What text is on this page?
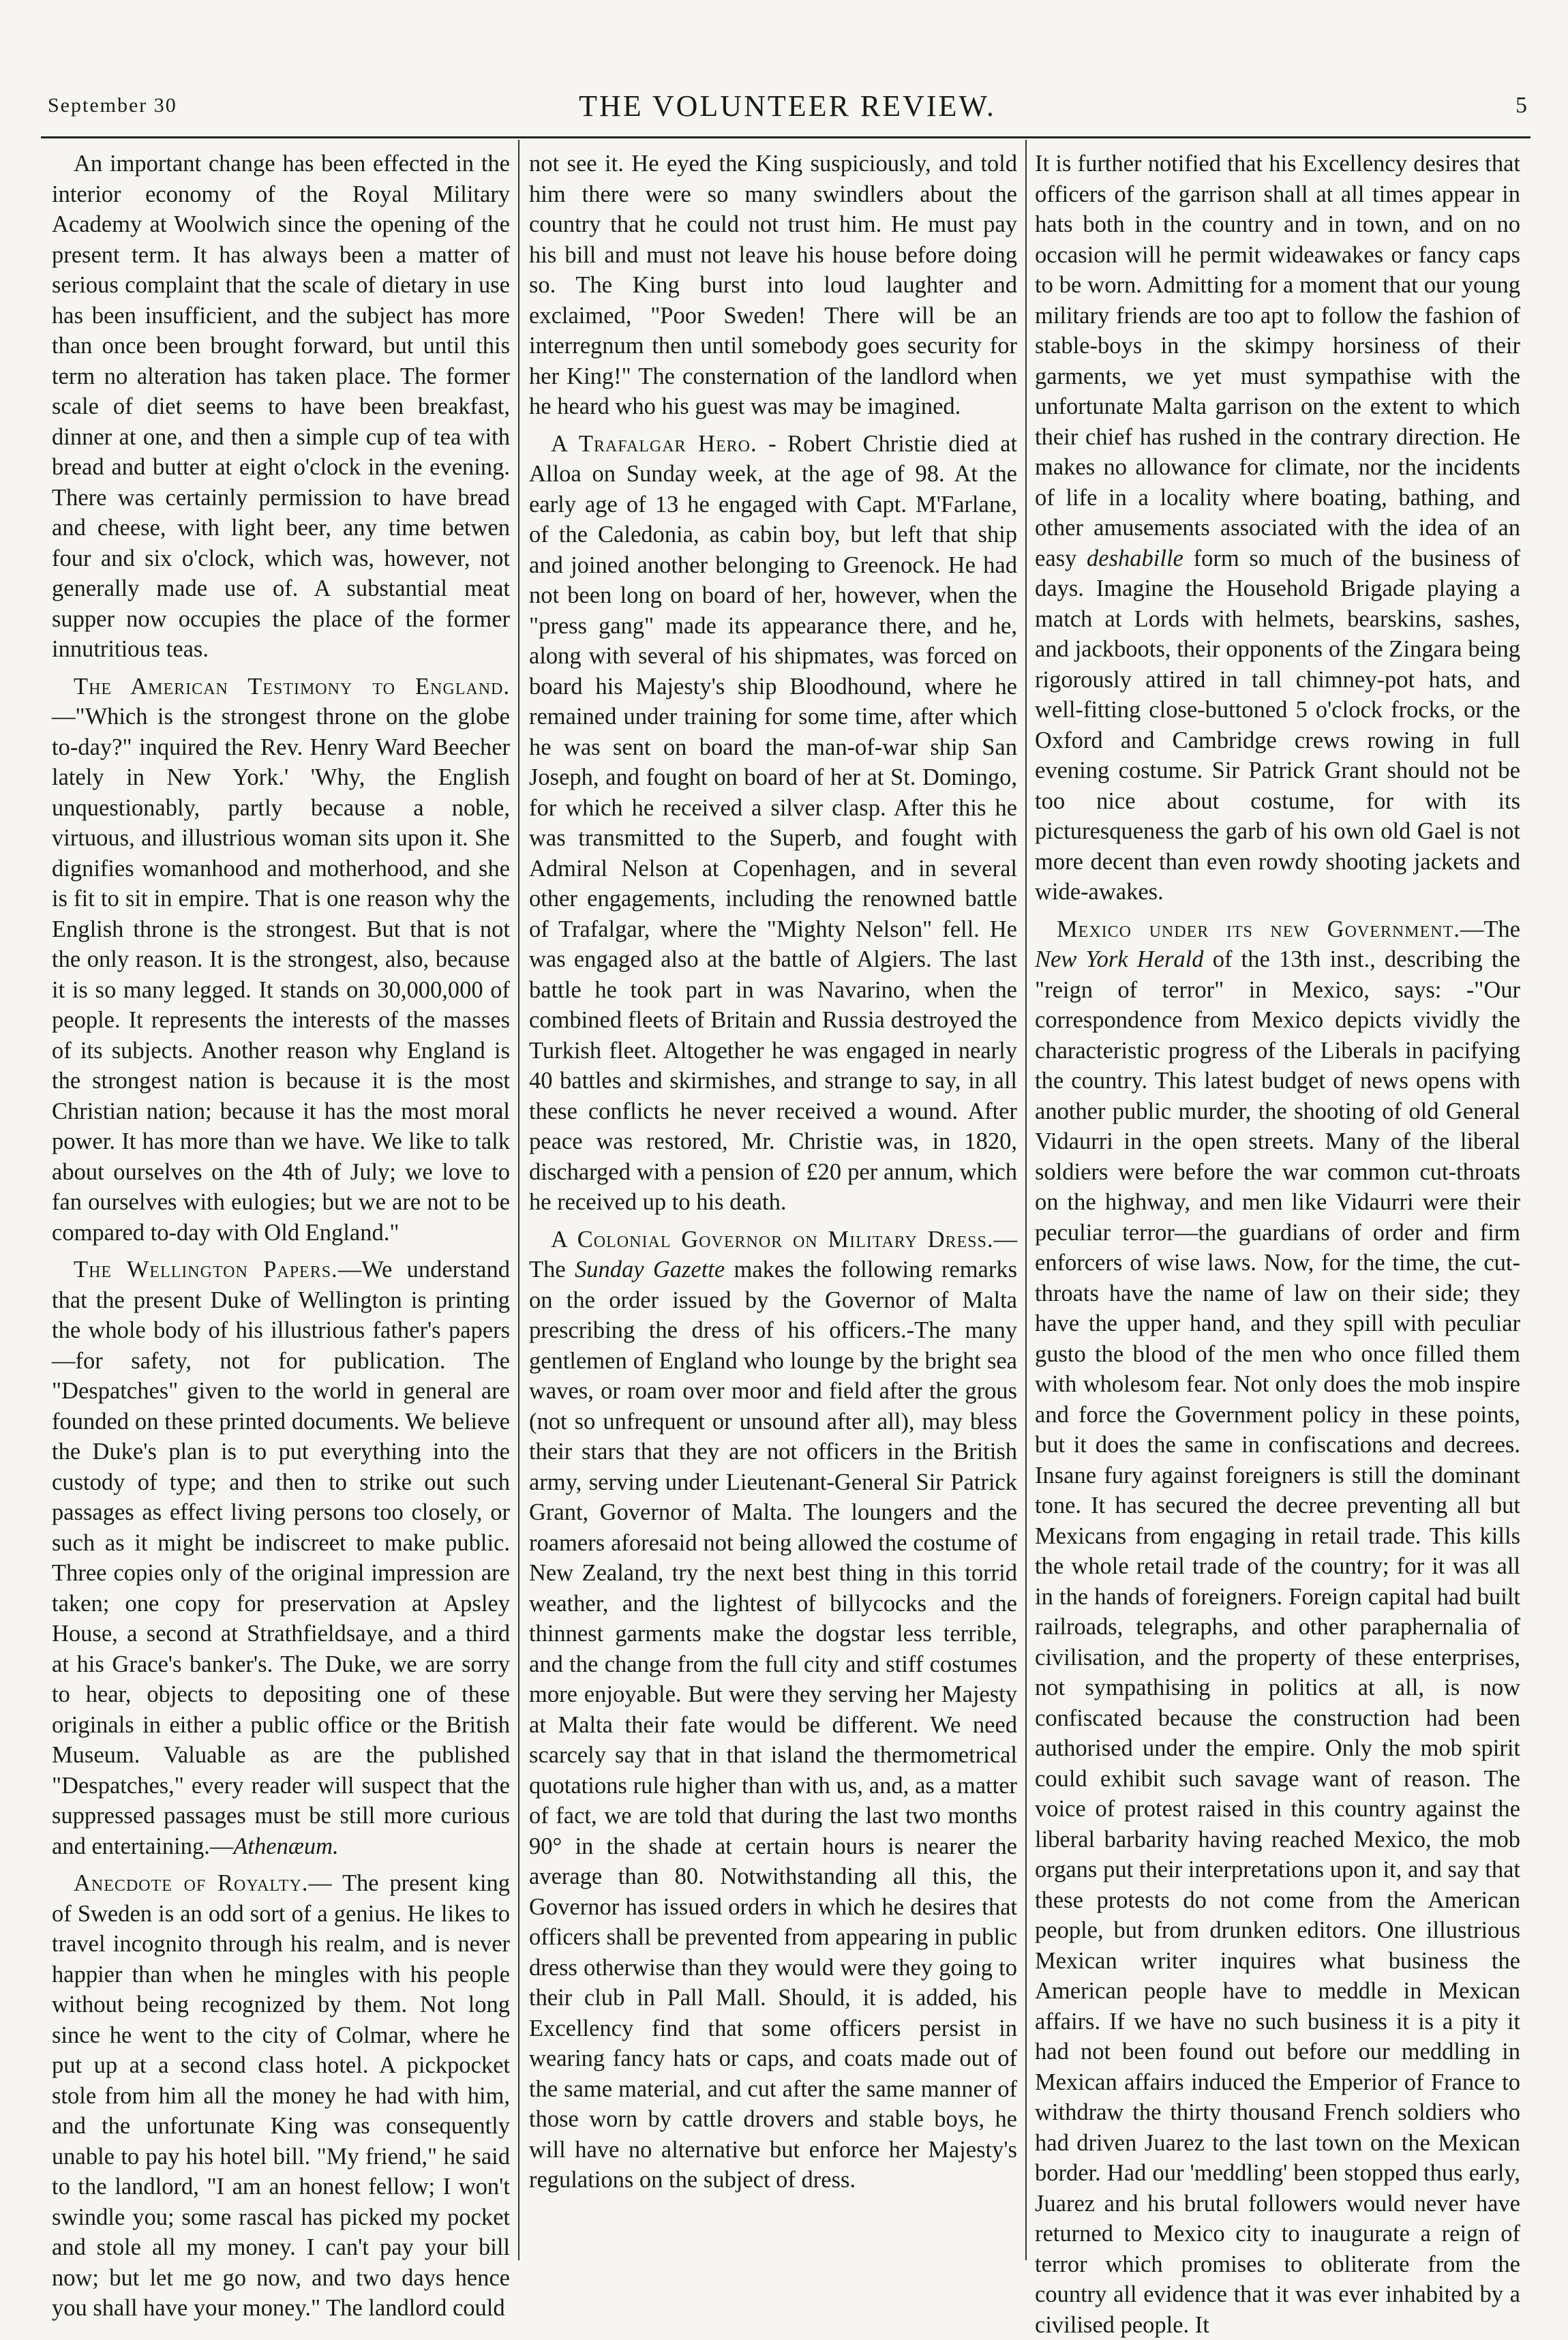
September 30	THE VOLUNTEER REVIEW.	5

An important change has been effected in the interior economy of the Royal Military Academy at Woolwich since the opening of the present term. It has always been a matter of serious complaint that the scale of dietary in use has been insufficient, and the subject has more than once been brought forward, but until this term no alteration has taken place. The former scale of diet seems to have been breakfast, dinner at one, and then a simple cup of tea with bread and butter at eight o'clock in the evening. There was certainly permission to have bread and cheese, with light beer, any time betwen four and six o'clock, which was, however, not generally made use of. A substantial meat supper now occupies the place of the former innutritious teas.

The American Testimony to England.—"Which is the strongest throne on the globe to-day?" inquired the Rev. Henry Ward Beecher lately in New York.' 'Why, the English unquestionably, partly because a noble, virtuous, and illustrious woman sits upon it. She dignifies womanhood and motherhood, and she is fit to sit in empire. That is one reason why the English throne is the strongest. But that is not the only reason. It is the strongest, also, because it is so many legged. It stands on 30,000,000 of people. It represents the interests of the masses of its subjects. Another reason why England is the strongest nation is because it is the most Christian nation; because it has the most moral power. It has more than we have. We like to talk about ourselves on the 4th of July; we love to fan ourselves with eulogies; but we are not to be compared to-day with Old England."

The Wellington Papers.—We understand that the present Duke of Wellington is printing the whole body of his illustrious father's papers—for safety, not for publication. The "Despatches" given to the world in general are founded on these printed documents. We believe the Duke's plan is to put everything into the custody of type; and then to strike out such passages as effect living persons too closely, or such as it might be indiscreet to make public. Three copies only of the original impression are taken; one copy for preservation at Apsley House, a second at Strathfieldsaye, and a third at his Grace's banker's. The Duke, we are sorry to hear, objects to depositing one of these originals in either a public office or the British Museum. Valuable as are the published "Despatches," every reader will suspect that the suppressed passages must be still more curious and entertaining.—Athenæum.

Anecdote of Royalty.— The present king of Sweden is an odd sort of a genius. He likes to travel incognito through his realm, and is never happier than when he mingles with his people without being recognized by them. Not long since he went to the city of Colmar, where he put up at a second class hotel. A pickpocket stole from him all the money he had with him, and the unfortunate King was consequently unable to pay his hotel bill. "My friend," he said to the landlord, "I am an honest fellow; I won't swindle you; some rascal has picked my pocket and stole all my money. I can't pay your bill now; but let me go now, and two days hence you shall have your money." The landlord could

not see it. He eyed the King suspiciously, and told him there were so many swindlers about the country that he could not trust him. He must pay his bill and must not leave his house before doing so. The King burst into loud laughter and exclaimed, "Poor Sweden! There will be an interregnum then until somebody goes security for her King!" The consternation of the landlord when he heard who his guest was may be imagined.

A Trafalgar Hero. - Robert Christie died at Alloa on Sunday week, at the age of 98. At the early age of 13 he engaged with Capt. M'Farlane, of the Caledonia, as cabin boy, but left that ship and joined another belonging to Greenock. He had not been long on board of her, however, when the "press gang" made its appearance there, and he, along with several of his shipmates, was forced on board his Majesty's ship Bloodhound, where he remained under training for some time, after which he was sent on board the man-of-war ship San Joseph, and fought on board of her at St. Domingo, for which he received a silver clasp. After this he was transmitted to the Superb, and fought with Admiral Nelson at Copenhagen, and in several other engagements, including the renowned battle of Trafalgar, where the "Mighty Nelson" fell. He was engaged also at the battle of Algiers. The last battle he took part in was Navarino, when the combined fleets of Britain and Russia destroyed the Turkish fleet. Altogether he was engaged in nearly 40 battles and skirmishes, and strange to say, in all these conflicts he never received a wound. After peace was restored, Mr. Christie was, in 1820, discharged with a pension of £20 per annum, which he received up to his death.

A Colonial Governor on Military Dress.—The Sunday Gazette makes the following remarks on the order issued by the Governor of Malta prescribing the dress of his officers.-The many gentlemen of England who lounge by the bright sea waves, or roam over moor and field after the grous (not so unfrequent or unsound after all), may bless their stars that they are not officers in the British army, serving under Lieutenant-General Sir Patrick Grant, Governor of Malta. The loungers and the roamers aforesaid not being allowed the costume of New Zealand, try the next best thing in this torrid weather, and the lightest of billycocks and the thinnest garments make the dogstar less terrible, and the change from the full city and stiff costumes more enjoyable. But were they serving her Majesty at Malta their fate would be different. We need scarcely say that in that island the thermometrical quotations rule higher than with us, and, as a matter of fact, we are told that during the last two months 90° in the shade at certain hours is nearer the average than 80. Notwithstanding all this, the Governor has issued orders in which he desires that officers shall be prevented from appearing in public dress otherwise than they would were they going to their club in Pall Mall. Should, it is added, his Excellency find that some officers persist in wearing fancy hats or caps, and coats made out of the same material, and cut after the same manner of those worn by cattle drovers and stable boys, he will have no alternative but enforce her Majesty's regulations on the subject of dress.

It is further notified that his Excellency desires that officers of the garrison shall at all times appear in hats both in the country and in town, and on no occasion will he permit wideawakes or fancy caps to be worn. Admitting for a moment that our young military friends are too apt to follow the fashion of stable-boys in the skimpy horsiness of their garments, we yet must sympathise with the unfortunate Malta garrison on the extent to which their chief has rushed in the contrary direction. He makes no allowance for climate, nor the incidents of life in a locality where boating, bathing, and other amusements associated with the idea of an easy deshabille form so much of the business of days. Imagine the Household Brigade playing a match at Lords with helmets, bearskins, sashes, and jackboots, their opponents of the Zingara being rigorously attired in tall chimney-pot hats, and well-fitting close-buttoned 5 o'clock frocks, or the Oxford and Cambridge crews rowing in full evening costume. Sir Patrick Grant should not be too nice about costume, for with its picturesqueness the garb of his own old Gael is not more decent than even rowdy shooting jackets and wide-awakes.

Mexico under its new Government.—The New York Herald of the 13th inst., describing the "reign of terror" in Mexico, says: -"Our correspondence from Mexico depicts vividly the characteristic progress of the Liberals in pacifying the country. This latest budget of news opens with another public murder, the shooting of old General Vidaurri in the open streets. Many of the liberal soldiers were before the war common cut-throats on the highway, and men like Vidaurri were their peculiar terror—the guardians of order and firm enforcers of wise laws. Now, for the time, the cut-throats have the name of law on their side; they have the upper hand, and they spill with peculiar gusto the blood of the men who once filled them with wholesom fear. Not only does the mob inspire and force the Government policy in these points, but it does the same in confiscations and decrees. Insane fury against foreigners is still the dominant tone. It has secured the decree preventing all but Mexicans from engaging in retail trade. This kills the whole retail trade of the country; for it was all in the hands of foreigners. Foreign capital had built railroads, telegraphs, and other paraphernalia of civilisation, and the property of these enterprises, not sympathising in politics at all, is now confiscated because the construction had been authorised under the empire. Only the mob spirit could exhibit such savage want of reason. The voice of protest raised in this country against the liberal barbarity having reached Mexico, the mob organs put their interpretations upon it, and say that these protests do not come from the American people, but from drunken editors. One illustrious Mexican writer inquires what business the American people have to meddle in Mexican affairs. If we have no such business it is a pity it had not been found out before our meddling in Mexican affairs induced the Emperior of France to withdraw the thirty thousand French soldiers who had driven Juarez to the last town on the Mexican border. Had our 'meddling' been stopped thus early, Juarez and his brutal followers would never have returned to Mexico city to inaugurate a reign of terror which promises to obliterate from the country all evidence that it was ever inhabited by a civilised people. It
